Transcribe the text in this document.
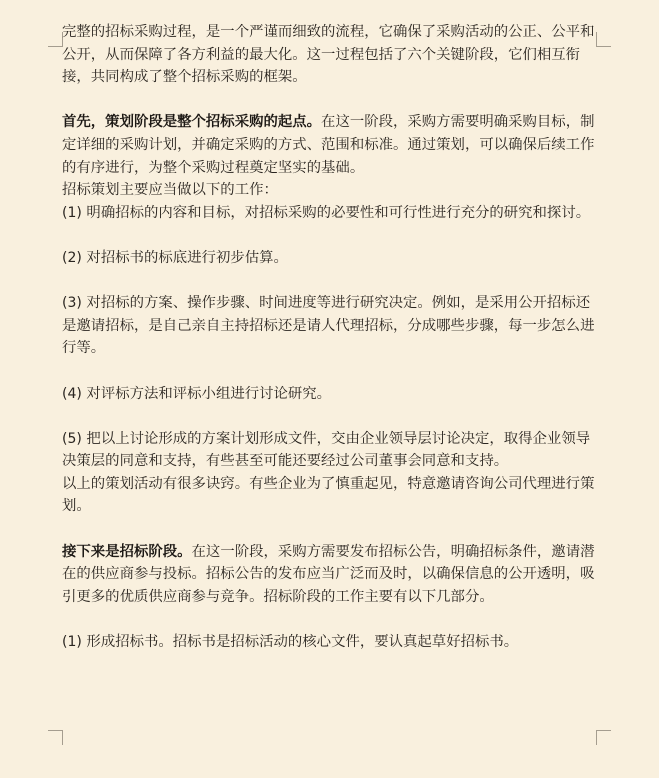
完整的招标采购过程，是一个严谨而细致的流程，它确保了采购活动的公正、公平和公开，从而保障了各方利益的最大化。这一过程包括了六个关键阶段，它们相互衔接，共同构成了整个招标采购的框架。

首先，策划阶段是整个招标采购的起点。在这一阶段，采购方需要明确采购目标，制定详细的采购计划，并确定采购的方式、范围和标准。通过策划，可以确保后续工作的有序进行，为整个采购过程奠定坚实的基础。

招标策划主要应当做以下的工作：

(1) 明确招标的内容和目标，对招标采购的必要性和可行性进行充分的研究和探讨。

(2) 对招标书的标底进行初步估算。

(3) 对招标的方案、操作步骤、时间进度等进行研究决定。例如，是采用公开招标还是邀请招标，是自己亲自主持招标还是请人代理招标，分成哪些步骤，每一步怎么进行等。

(4) 对评标方法和评标小组进行讨论研究。

(5) 把以上讨论形成的方案计划形成文件，交由企业领导层讨论决定，取得企业领导决策层的同意和支持，有些甚至可能还要经过公司董事会同意和支持。

以上的策划活动有很多诀窍。有些企业为了慎重起见，特意邀请咨询公司代理进行策划。

接下来是招标阶段。在这一阶段，采购方需要发布招标公告，明确招标条件，邀请潜在的供应商参与投标。招标公告的发布应当广泛而及时，以确保信息的公开透明，吸引更多的优质供应商参与竞争。招标阶段的工作主要有以下几部分。

(1) 形成招标书。招标书是招标活动的核心文件，要认真起草好招标书。
